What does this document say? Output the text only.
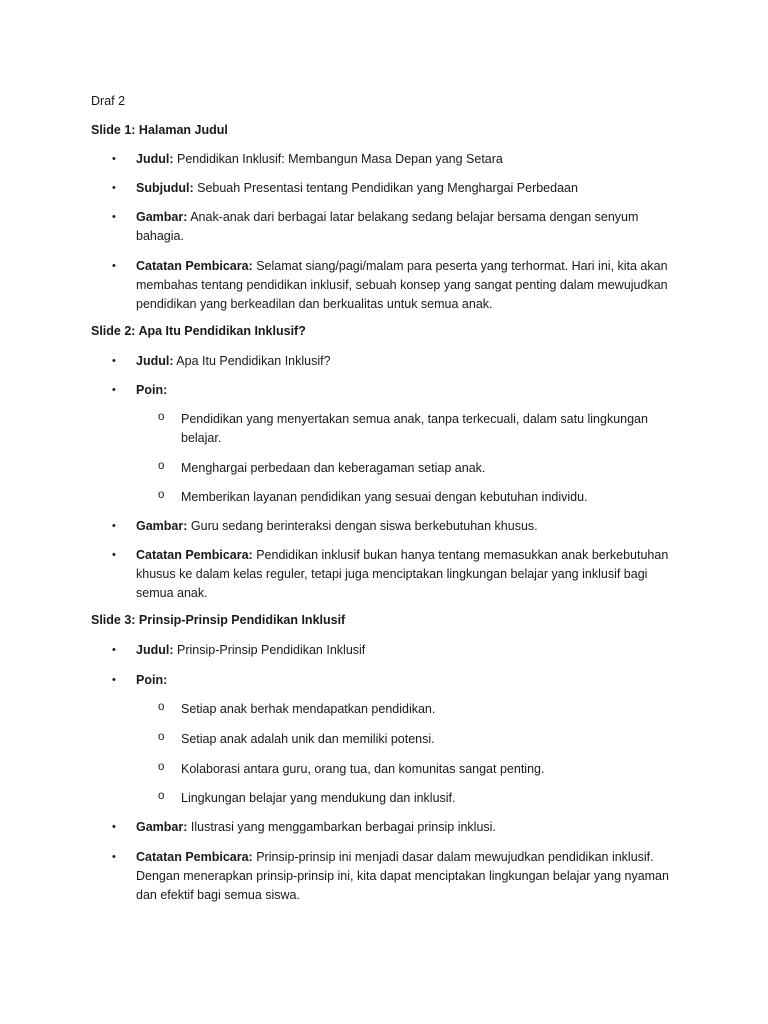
Draf 2
Slide 1: Halaman Judul
• Judul: Pendidikan Inklusif: Membangun Masa Depan yang Setara
• Subjudul: Sebuah Presentasi tentang Pendidikan yang Menghargai Perbedaan
• Gambar: Anak-anak dari berbagai latar belakang sedang belajar bersama dengan senyum bahagia.
• Catatan Pembicara: Selamat siang/pagi/malam para peserta yang terhormat. Hari ini, kita akan membahas tentang pendidikan inklusif, sebuah konsep yang sangat penting dalam mewujudkan pendidikan yang berkeadilan dan berkualitas untuk semua anak.
Slide 2: Apa Itu Pendidikan Inklusif?
• Judul: Apa Itu Pendidikan Inklusif?
• Poin:
o Pendidikan yang menyertakan semua anak, tanpa terkecuali, dalam satu lingkungan belajar.
o Menghargai perbedaan dan keberagaman setiap anak.
o Memberikan layanan pendidikan yang sesuai dengan kebutuhan individu.
• Gambar: Guru sedang berinteraksi dengan siswa berkebutuhan khusus.
• Catatan Pembicara: Pendidikan inklusif bukan hanya tentang memasukkan anak berkebutuhan khusus ke dalam kelas reguler, tetapi juga menciptakan lingkungan belajar yang inklusif bagi semua anak.
Slide 3: Prinsip-Prinsip Pendidikan Inklusif
• Judul: Prinsip-Prinsip Pendidikan Inklusif
• Poin:
o Setiap anak berhak mendapatkan pendidikan.
o Setiap anak adalah unik dan memiliki potensi.
o Kolaborasi antara guru, orang tua, dan komunitas sangat penting.
o Lingkungan belajar yang mendukung dan inklusif.
• Gambar: Ilustrasi yang menggambarkan berbagai prinsip inklusi.
• Catatan Pembicara: Prinsip-prinsip ini menjadi dasar dalam mewujudkan pendidikan inklusif. Dengan menerapkan prinsip-prinsip ini, kita dapat menciptakan lingkungan belajar yang nyaman dan efektif bagi semua siswa.
